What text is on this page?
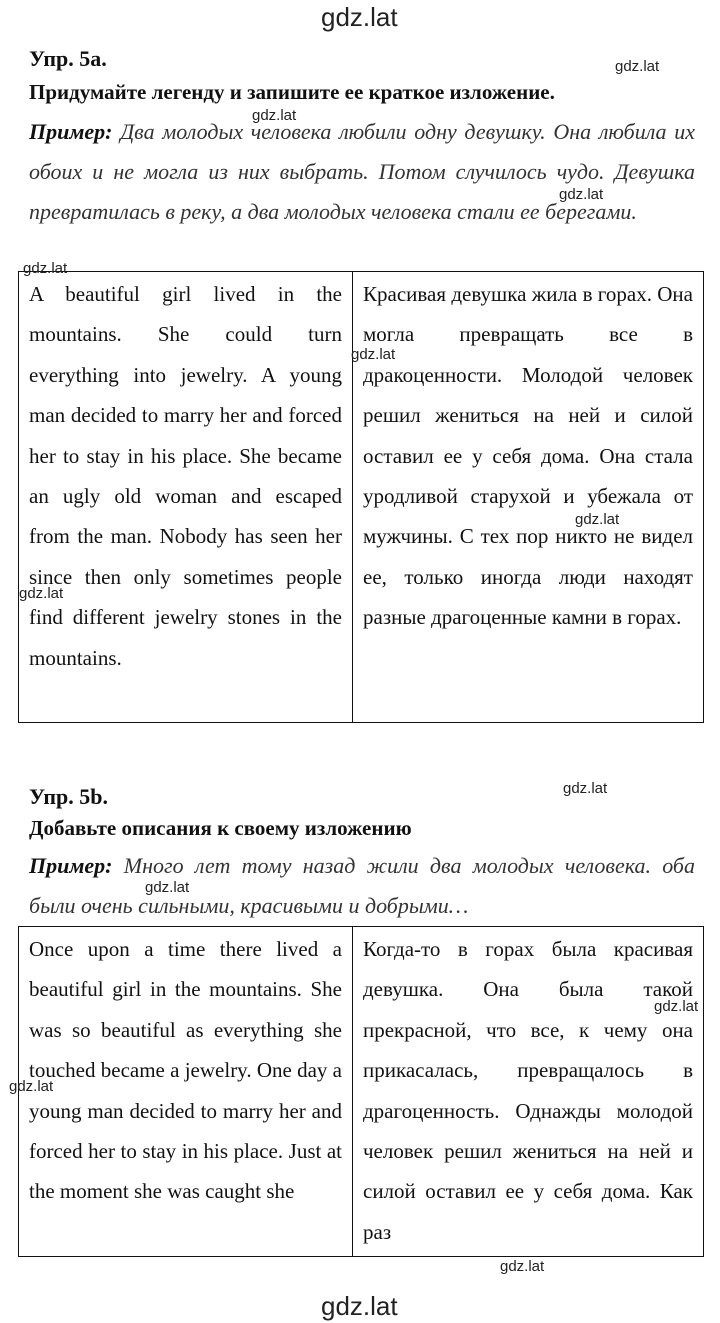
gdz.lat
Упр. 5а.
Придумайте легенду и запишите ее краткое изложение.
Пример: Два молодых человека любили одну девушку. Она любила их обоих и не могла из них выбрать. Потом случилось чудо. Девушка превратилась в реку, а два молодых человека стали ее берегами.

A beautiful girl lived in the mountains. She could turn everything into jewelry. A young man decided to marry her and forced her to stay in his place. She became an ugly old woman and escaped from the man. Nobody has seen her since then only sometimes people find different jewelry stones in the mountains.

Красивая девушка жила в горах. Она могла превращать все в дракоценности. Молодой человек решил жениться на ней и силой оставил ее у себя дома. Она стала уродливой старухой и убежала от мужчины. С тех пор никто не видел ее, только иногда люди находят разные драгоценные камни в горах.

Упр. 5b.
Добавьте описания к своему изложению
Пример: Много лет тому назад жили два молодых человека. оба были очень сильными, красивыми и добрыми…

Once upon a time there lived a beautiful girl in the mountains. She was so beautiful as everything she touched became a jewelry. One day a young man decided to marry her and forced her to stay in his place. Just at the moment she was caught she

Когда-то в горах была красивая девушка. Она была такой прекрасной, что все, к чему она прикасалась, превращалось в драгоценность. Однажды молодой человек решил жениться на ней и силой оставил ее у себя дома. Как раз

gdz.lat
gdz.lat
gdz.lat
gdz.lat
gdz.lat
gdz.lat
gdz.lat
gdz.lat
gdz.lat
gdz.lat
gdz.lat
gdz.lat
gdz.lat
